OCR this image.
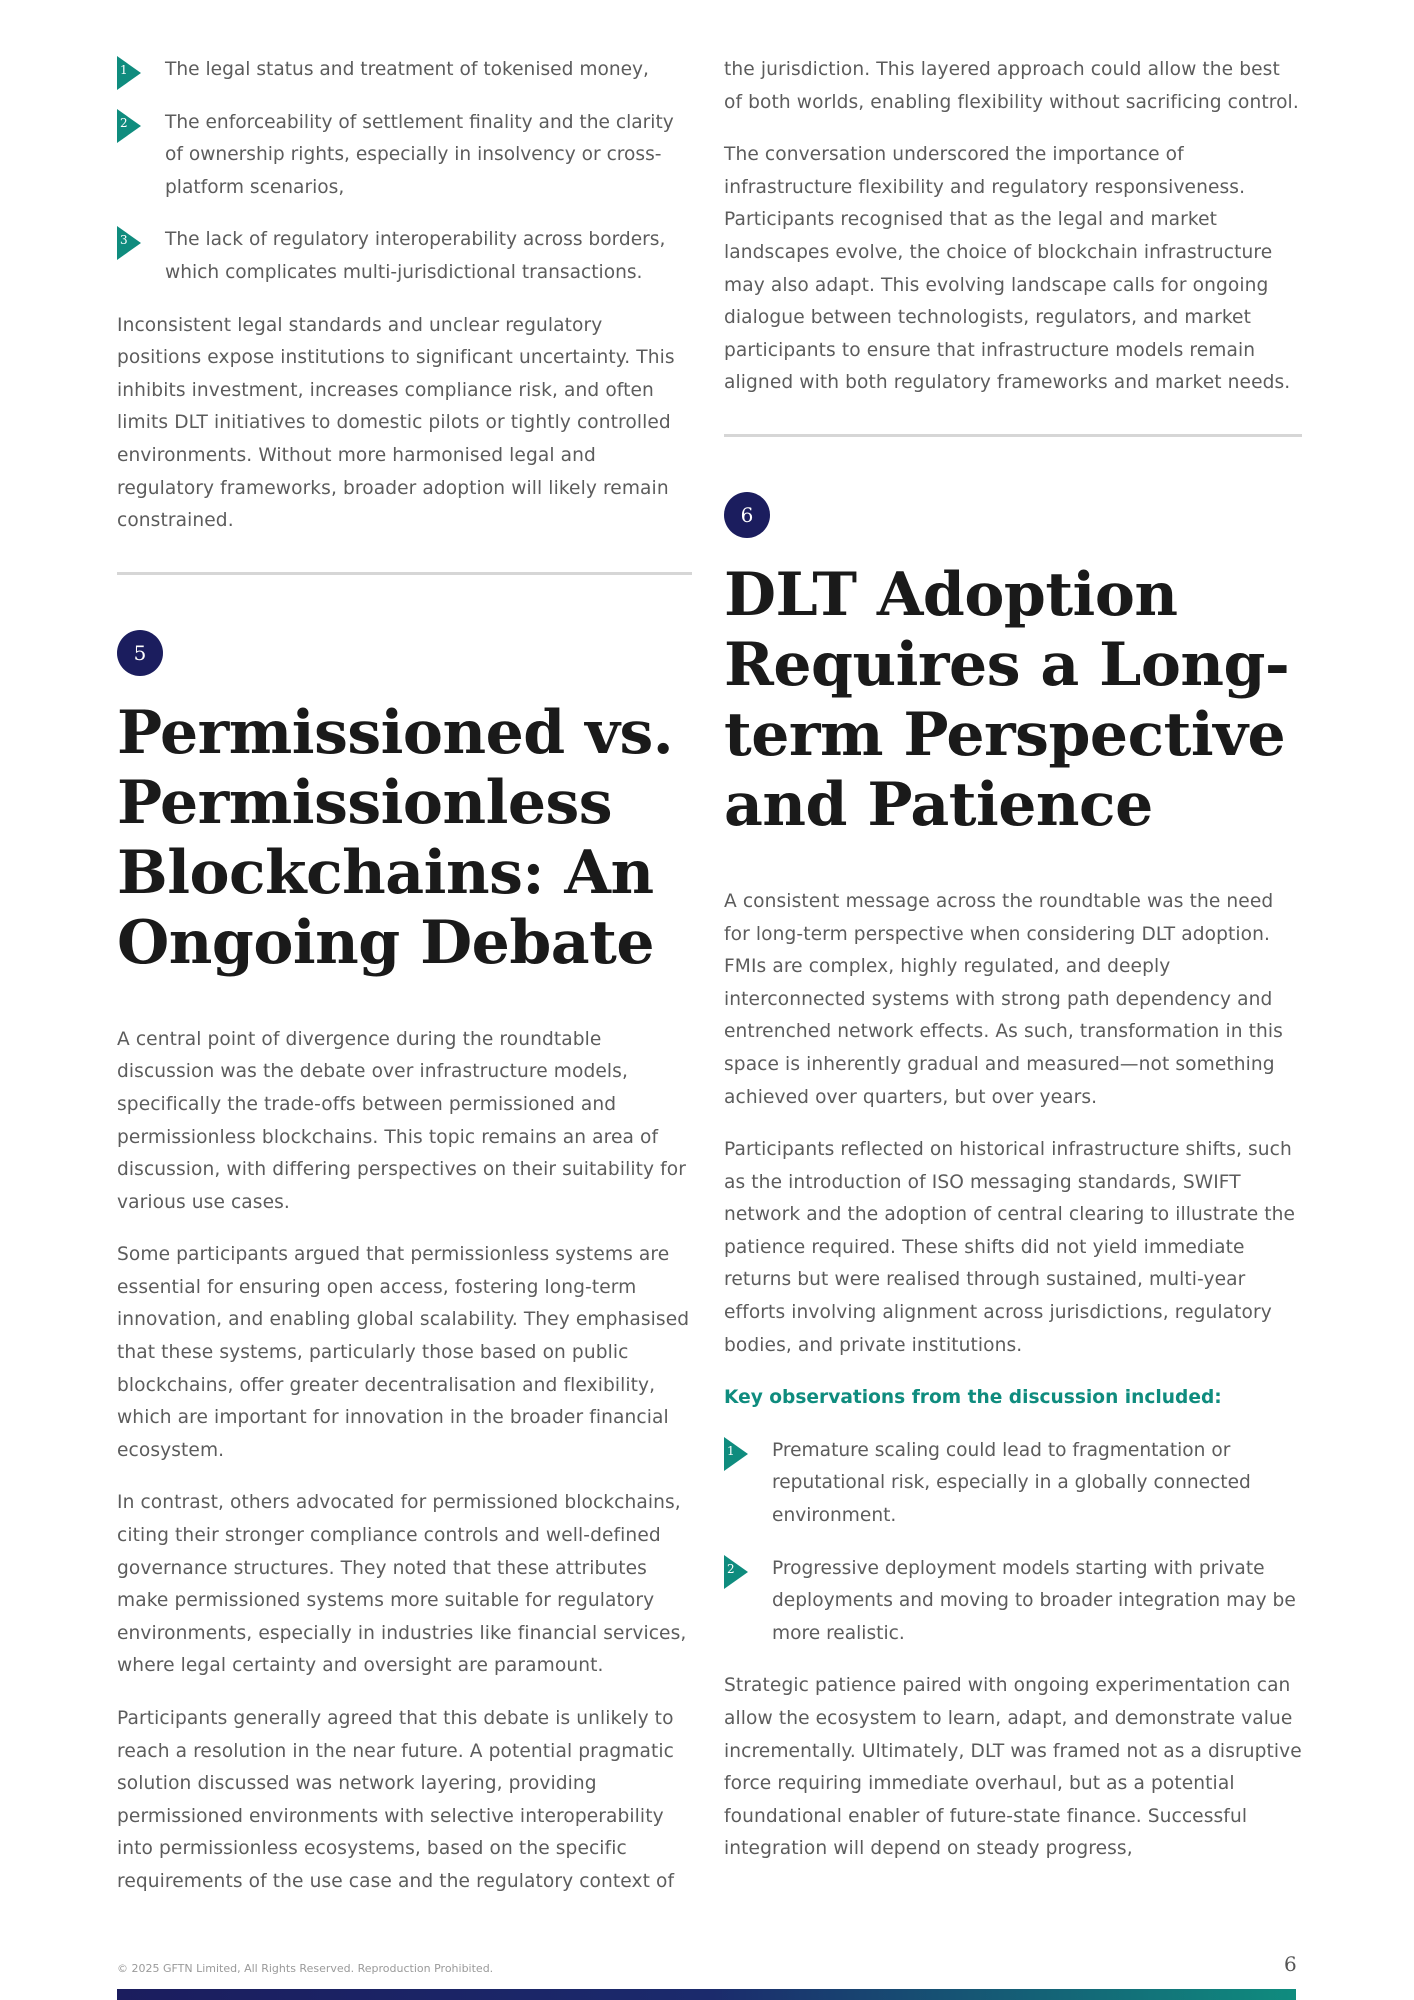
1 The legal status and treatment of tokenised money,

2 The enforceability of settlement finality and the clarity of ownership rights, especially in insolvency or cross-platform scenarios,

3 The lack of regulatory interoperability across borders, which complicates multi-jurisdictional transactions.

Inconsistent legal standards and unclear regulatory positions expose institutions to significant uncertainty. This inhibits investment, increases compliance risk, and often limits DLT initiatives to domestic pilots or tightly controlled environments. Without more harmonised legal and regulatory frameworks, broader adoption will likely remain constrained.

5
Permissioned vs. Permissionless Blockchains: An Ongoing Debate

A central point of divergence during the roundtable discussion was the debate over infrastructure models, specifically the trade-offs between permissioned and permissionless blockchains. This topic remains an area of discussion, with differing perspectives on their suitability for various use cases.

Some participants argued that permissionless systems are essential for ensuring open access, fostering long-term innovation, and enabling global scalability. They emphasised that these systems, particularly those based on public blockchains, offer greater decentralisation and flexibility, which are important for innovation in the broader financial ecosystem.

In contrast, others advocated for permissioned blockchains, citing their stronger compliance controls and well-defined governance structures. They noted that these attributes make permissioned systems more suitable for regulatory environments, especially in industries like financial services, where legal certainty and oversight are paramount.

Participants generally agreed that this debate is unlikely to reach a resolution in the near future. A potential pragmatic solution discussed was network layering, providing permissioned environments with selective interoperability into permissionless ecosystems, based on the specific requirements of the use case and the regulatory context of

the jurisdiction. This layered approach could allow the best of both worlds, enabling flexibility without sacrificing control.

The conversation underscored the importance of infrastructure flexibility and regulatory responsiveness. Participants recognised that as the legal and market landscapes evolve, the choice of blockchain infrastructure may also adapt. This evolving landscape calls for ongoing dialogue between technologists, regulators, and market participants to ensure that infrastructure models remain aligned with both regulatory frameworks and market needs.

6
DLT Adoption Requires a Long-term Perspective and Patience

A consistent message across the roundtable was the need for long-term perspective when considering DLT adoption. FMIs are complex, highly regulated, and deeply interconnected systems with strong path dependency and entrenched network effects. As such, transformation in this space is inherently gradual and measured—not something achieved over quarters, but over years.

Participants reflected on historical infrastructure shifts, such as the introduction of ISO messaging standards, SWIFT network and the adoption of central clearing to illustrate the patience required. These shifts did not yield immediate returns but were realised through sustained, multi-year efforts involving alignment across jurisdictions, regulatory bodies, and private institutions.

Key observations from the discussion included:

1 Premature scaling could lead to fragmentation or reputational risk, especially in a globally connected environment.

2 Progressive deployment models starting with private deployments and moving to broader integration may be more realistic.

Strategic patience paired with ongoing experimentation can allow the ecosystem to learn, adapt, and demonstrate value incrementally. Ultimately, DLT was framed not as a disruptive force requiring immediate overhaul, but as a potential foundational enabler of future-state finance. Successful integration will depend on steady progress,

© 2025 GFTN Limited, All Rights Reserved. Reproduction Prohibited.	6
